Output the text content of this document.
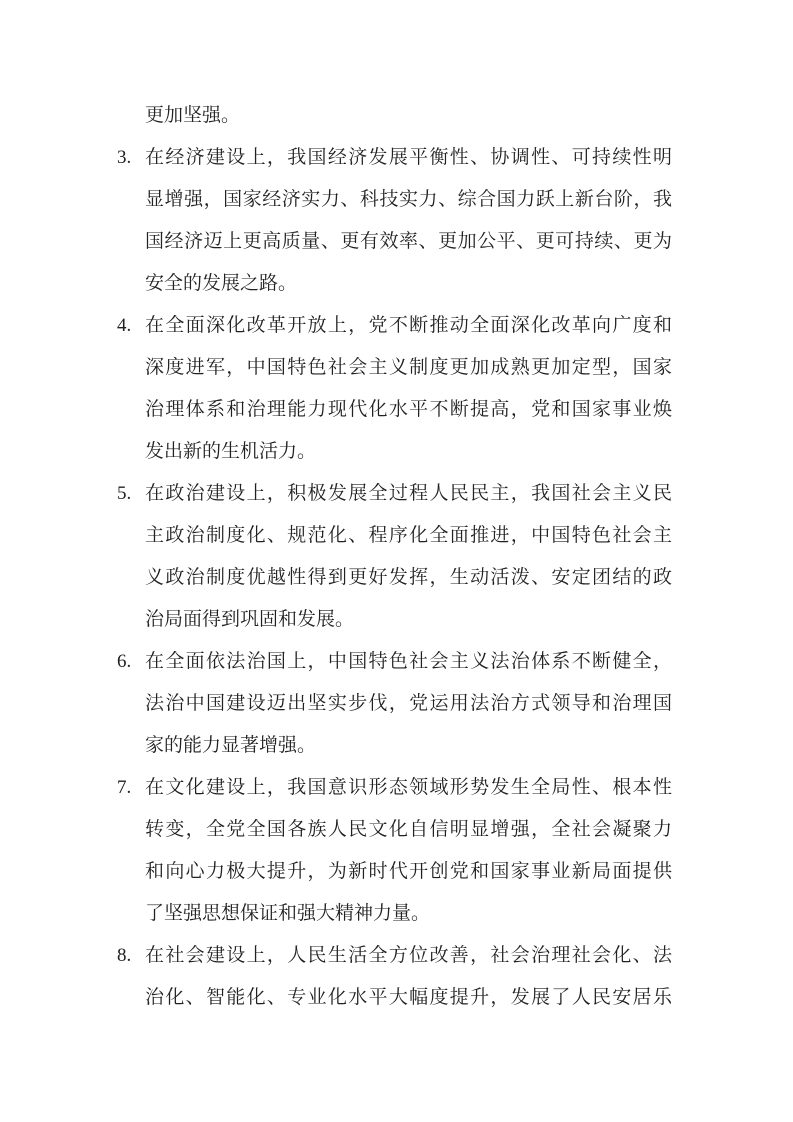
更加坚强。
3. 在经济建设上，我国经济发展平衡性、协调性、可持续性明
显增强，国家经济实力、科技实力、综合国力跃上新台阶，我
国经济迈上更高质量、更有效率、更加公平、更可持续、更为
安全的发展之路。
4. 在全面深化改革开放上，党不断推动全面深化改革向广度和
深度进军，中国特色社会主义制度更加成熟更加定型，国家
治理体系和治理能力现代化水平不断提高，党和国家事业焕
发出新的生机活力。
5. 在政治建设上，积极发展全过程人民民主，我国社会主义民
主政治制度化、规范化、程序化全面推进，中国特色社会主
义政治制度优越性得到更好发挥，生动活泼、安定团结的政
治局面得到巩固和发展。
6. 在全面依法治国上，中国特色社会主义法治体系不断健全，
法治中国建设迈出坚实步伐，党运用法治方式领导和治理国
家的能力显著增强。
7. 在文化建设上，我国意识形态领域形势发生全局性、根本性
转变，全党全国各族人民文化自信明显增强，全社会凝聚力
和向心力极大提升，为新时代开创党和国家事业新局面提供
了坚强思想保证和强大精神力量。
8. 在社会建设上，人民生活全方位改善，社会治理社会化、法
治化、智能化、专业化水平大幅度提升，发展了人民安居乐
